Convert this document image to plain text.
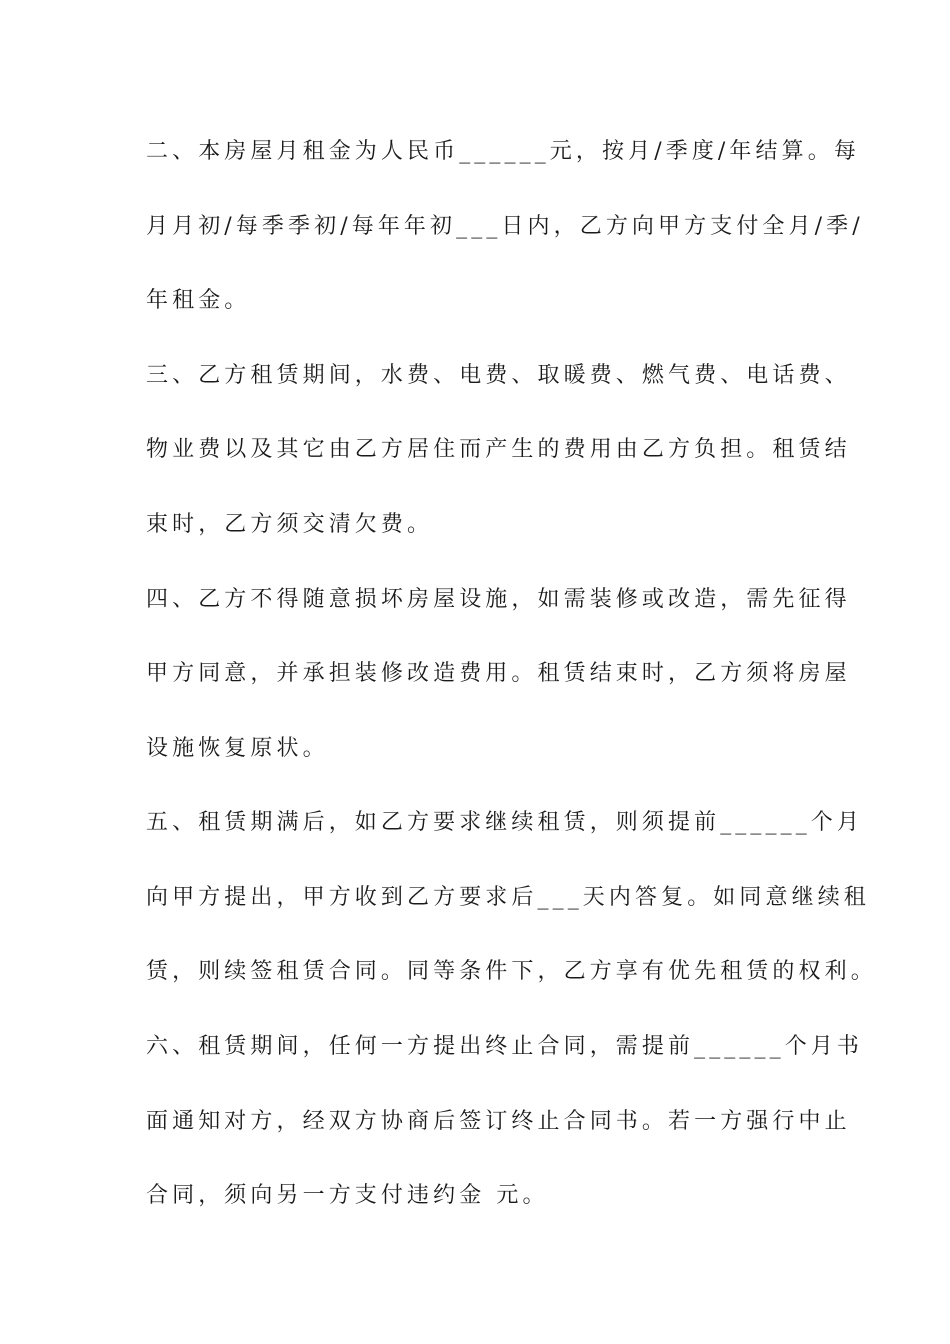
二、本房屋月租金为人民币______元，按月/季度/年结算。每
月月初/每季季初/每年年初___日内，乙方向甲方支付全月/季/
年租金。
三、乙方租赁期间，水费、电费、取暖费、燃气费、电话费、
物业费以及其它由乙方居住而产生的费用由乙方负担。租赁结
束时，乙方须交清欠费。
四、乙方不得随意损坏房屋设施，如需装修或改造，需先征得
甲方同意，并承担装修改造费用。租赁结束时，乙方须将房屋
设施恢复原状。
五、租赁期满后，如乙方要求继续租赁，则须提前______个月
向甲方提出，甲方收到乙方要求后___天内答复。如同意继续租
赁，则续签租赁合同。同等条件下，乙方享有优先租赁的权利。
六、租赁期间，任何一方提出终止合同，需提前______个月书
面通知对方，经双方协商后签订终止合同书。若一方强行中止
合同，须向另一方支付违约金 元。
